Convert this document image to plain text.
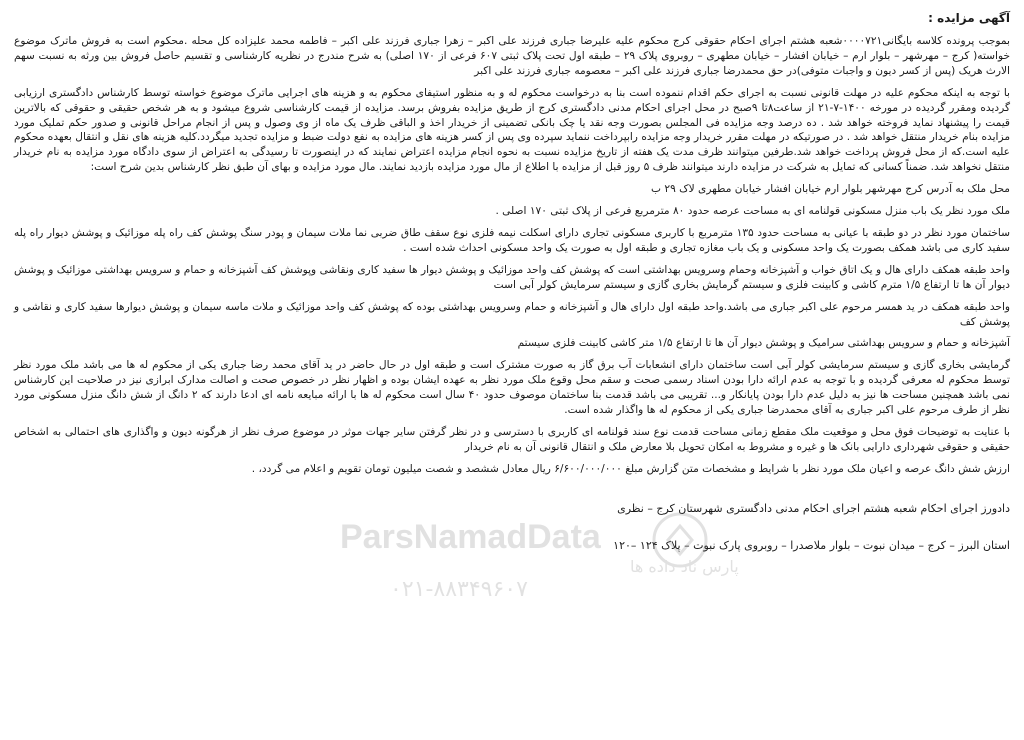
آگهی مزایده :

بموجب پرونده کلاسه بایگانی۰۰۰۰۷۲۱شعبه هشتم اجرای احکام حقوقی کرج محکوم علیه علیرضا جباری فرزند علی اکبر – زهرا جباری فرزند علی اکبر – فاطمه محمد علیزاده کل محله .محکوم است به فروش ماترک موضوع خواسته( کرج – مهرشهر – بلوار ارم – خیابان افشار – خیابان مطهری – روبروی پلاک ۲۹ – طبقه اول تحت پلاک ثبتی ۶۰۷ فرعی از ۱۷۰ اصلی) به شرح مندرج در نظریه کارشناسی و تقسیم حاصل فروش بین ورثه به نسبت سهم الارث هریک (پس از کسر دیون و واجبات متوفی)در حق محمدرضا جباری فرزند علی اکبر – معصومه جباری فرزند علی اکبر

با توجه به اینکه محکوم علیه در مهلت قانونی نسبت به اجرای حکم اقدام ننموده است بنا به درخواست محکوم له و به منظور استیفای محکوم به و هزینه های اجرایی ماترک موضوع خواسته توسط کارشناس دادگستری ارزیابی گردیده ومقرر گردیده در مورخه ۱۴۰۰-۷-۲۱ از ساعت۸تا ۹صبح در محل اجرای احکام مدنی دادگستری کرج از طریق مزایده بفروش برسد. مزایده از قیمت کارشناسی شروع میشود و به هر شخص حقیقی و حقوقی که بالاترین قیمت را پیشنهاد نماید فروخته خواهد شد . ده درصد وجه مزایده فی المجلس بصورت وجه نقد یا چک بانکی تضمینی از خریدار اخذ و الباقی ظرف یک ماه از وی وصول و پس از انجام مراحل قانونی و صدور حکم تملیک مورد مزایده بنام خریدار منتقل خواهد شد . در صورتیکه در مهلت مقرر خریدار وجه مزایده رابپرداخت ننماید سپرده وی پس از کسر هزینه های مزایده به نفع دولت ضبط و مزایده تجدید میگردد.کلیه هزینه های نقل و انتقال بعهده محکوم علیه است.که از محل فروش پرداخت خواهد شد.طرفین میتوانند ظرف مدت یک هفته از تاریخ مزایده نسبت به نحوه انجام مزایده اعتراض نمایند که در اینصورت تا رسیدگی به اعتراض از سوی دادگاه مورد مزایده به نام خریدار منتقل نخواهد شد. ضمناً کسانی که تمایل به شرکت در مزایده دارند میتوانند ظرف ۵ روز قبل از مزایده با اطلاع از مال مورد مزایده بازدید نمایند. مال مورد مزایده و بهای آن طبق نظر کارشناس بدین شرح است:

محل ملک به آدرس کرج مهرشهر بلوار ارم خیابان افشار خیابان مطهری لاک ۲۹ ب

ملک مورد نظر یک باب منزل مسکونی قولنامه ای به مساحت عرصه حدود ۸۰ مترمربع فرعی از پلاک ثبتی ۱۷۰ اصلی .

ساختمان مورد نظر در دو طبقه با عیانی به مساحت حدود ۱۳۵ مترمربع با کاربری مسکونی تجاری دارای اسکلت نیمه فلزی نوع سقف طاق ضربی نما ملات سیمان و پودر سنگ پوشش کف راه پله موزائیک و پوشش دیوار راه پله سفید کاری می باشد همکف بصورت یک واحد مسکونی و یک باب مغازه تجاری و طبقه اول به صورت یک واحد مسکونی احداث شده است .

واحد طبقه همکف دارای هال و یک اتاق خواب و آشپزخانه وحمام وسرویس بهداشتی است که پوشش کف واحد موزائیک و پوشش دیوار ها سفید کاری ونقاشی وپوشش کف آشپزخانه و حمام و سرویس بهداشتی موزائیک و پوشش دیوار آن ها تا ارتفاع ۱/۵ مترم کاشی و کابینت فلزی و سیستم گرمایش بخاری گازی و سیستم سرمایش کولر آبی است

واحد طبقه همکف در ید همسر مرحوم علی اکبر جباری می باشد.واحد طبقه اول دارای هال و آشپزخانه و حمام وسرویس بهداشتی بوده که پوشش کف واحد موزائیک و ملات ماسه سیمان و پوشش دیوارها سفید کاری و نقاشی و پوشش کف

آشپزخانه و حمام و سرویس بهداشتی سرامیک و پوشش دیوار آن ها تا ارتفاع ۱/۵ متر کاشی کابینت فلزی سیستم

گرمایشی بخاری گازی و سیستم سرمایشی کولر آبی است ساختمان دارای انشعابات آب برق گاز به صورت مشترک است و طبقه اول در حال حاضر در ید آقای محمد رضا جباری یکی از محکوم له ها می باشد ملک مورد نظر توسط محکوم له معرفی گردیده و با توجه به عدم ارائه دارا بودن اسناد رسمی صحت و سقم محل وقوع ملک مورد نظر به عهده ایشان بوده و اظهار نظر در خصوص صحت و اصالت مدارک ابرازی نیز در صلاحیت این کارشناس نمی باشد همچنین مساحت ها نیز به دلیل عدم دارا بودن پایانکار و... تقریبی می باشد قدمت بنا ساختمان موصوف حدود ۴۰ سال است محکوم له ها با ارائه مبایعه نامه ای ادعا دارند که ۲ دانگ از شش دانگ منزل مسکونی مورد نظر از طرف مرحوم علی اکبر جباری به آقای محمدرضا جباری یکی از محکوم له ها واگذار شده است.

با عنایت به توضیحات فوق محل و موقعیت ملک مقطع زمانی مساحت قدمت نوع سند قولنامه ای کاربری با دسترسی و در نظر گرفتن سایر جهات موثر در موضوع صرف نظر از هرگونه دیون و واگذاری های احتمالی به اشخاص حقیقی و حقوقی شهرداری دارایی بانک ها و غیره و مشروط به امکان تحویل بلا معارض ملک و انتقال قانونی آن به نام خریدار

ارزش شش دانگ عرصه و اعیان ملک مورد نظر با شرایط و مشخصات متن گزارش مبلغ ۶/۶۰۰/۰۰۰/۰۰۰ ریال معادل ششصد و شصت میلیون تومان تقویم و اعلام می گردد، .

دادورز اجرای احکام شعبه هشتم اجرای احکام مدنی دادگستری شهرستان کرج – نظری

استان البرز – کرج – میدان نبوت – بلوار ملاصدرا – روبروی پارک نبوت – پلاک ۱۲۴ –۱۲۰

ParsNamadData
پارس ناد داده ها
۰۲۱-۸۸۳۴۹۶۰۷
